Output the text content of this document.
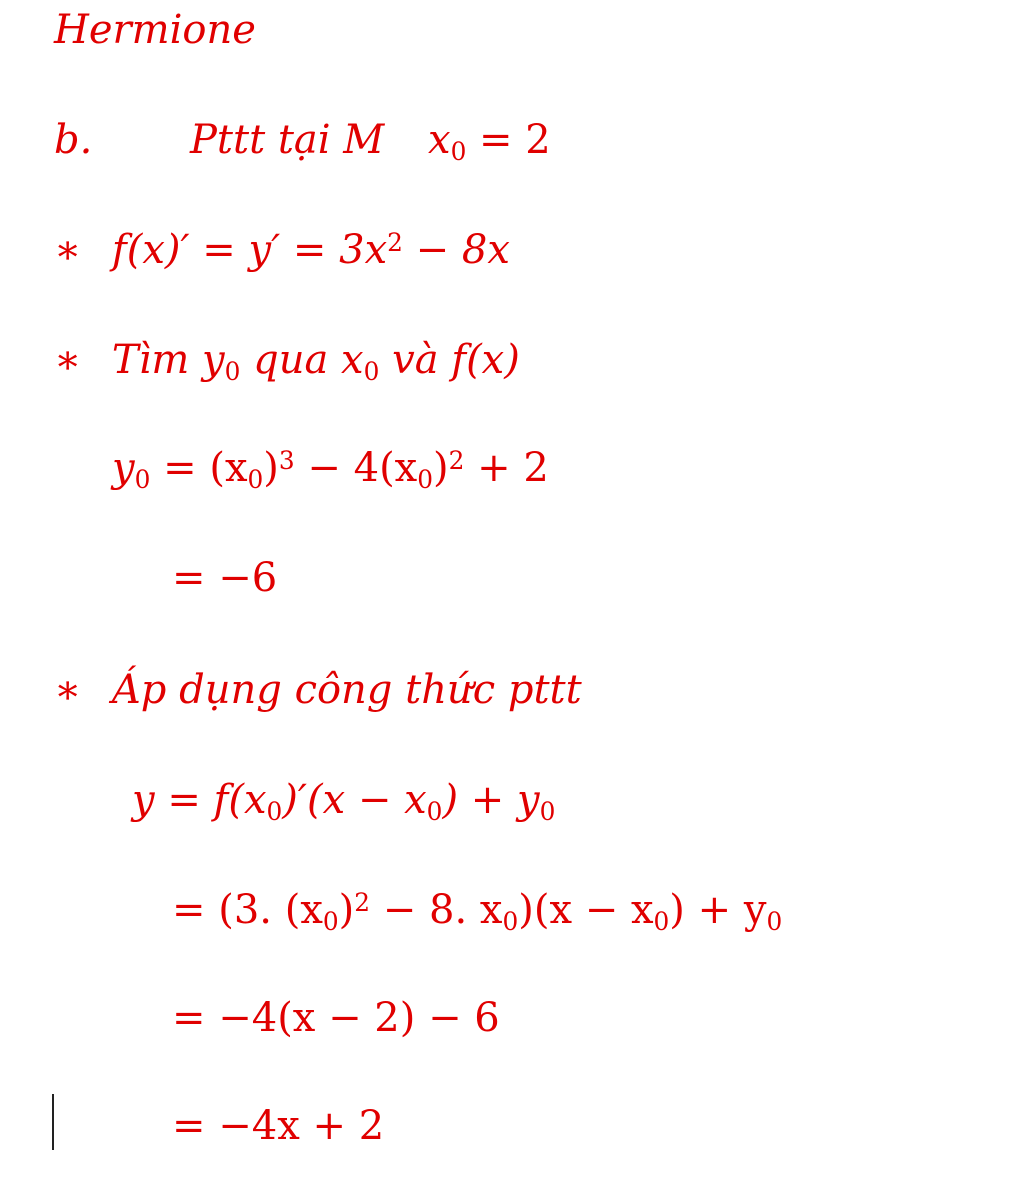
Hermione
b. Pttt tại M $x_0 = 2$
∗ $f(x)' = y' = 3x^2 - 8x$
∗ Tìm $y_0$ qua $x_0$ và f(x)
$y_0 = (x_0)^3 - 4(x_0)^2 + 2$
= −6
∗ Áp dụng công thức pttt
$y = f(x_0)'(x - x_0) + y_0$
= (3. $(x_0)^2 - 8$. $x_0)(x - x_0) + y_0$
= −4(x − 2) − 6
= −4x + 2
